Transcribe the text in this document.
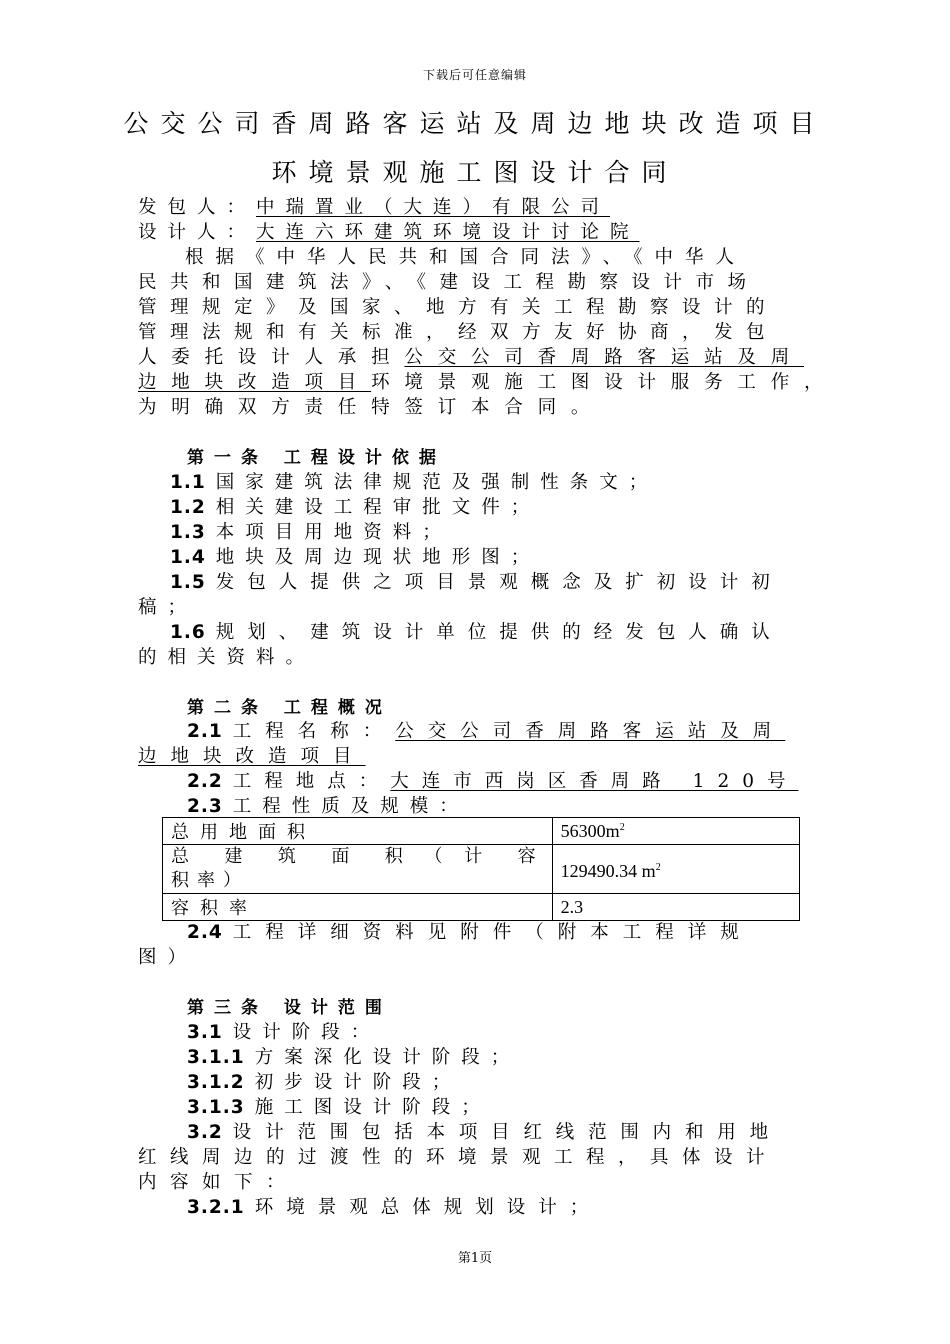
下载后可任意编辑
公交公司香周路客运站及周边地块改造项目
环境景观施工图设计合同
发包人：中瑞置业（大连）有限公司
设计人：大连六环建筑环境设计讨论院
根据《中华人民共和国合同法》、《中华人
民共和国建筑法》、《建设工程勘察设计市场
管理规定》及国家、地方有关工程勘察设计的
管理法规和有关标准，经双方友好协商，发包
人委托设计人承担公交公司香周路客运站及周
边地块改造项目环境景观施工图设计服务工作，
为明确双方责任特签订本合同。
第一条 工程设计依据
1.1 国家建筑法律规范及强制性条文；
1.2 相关建设工程审批文件；
1.3 本项目用地资料；
1.4 地块及周边现状地形图；
1.5 发包人提供之项目景观概念及扩初设计初
稿；
1.6 规划、建筑设计单位提供的经发包人确认
的相关资料。
第二条 工程概况
2.1 工程名称：公交公司香周路客运站及周
边地块改造项目
2.2 工程地点：大连市西岗区香周路 120号
2.3 工程性质及规模：
总用地面积	$56300m^2$

总  建  筑  面  积 （ 计  容
积率）	129490.34 $m^2$
容积率	2.3
2.4 工程详细资料见附件（附本工程详规
图）
第三条 设计范围
3.1 设计阶段：
3.1.1 方案深化设计阶段；
3.1.2 初步设计阶段；
3.1.3 施工图设计阶段；
3.2 设计范围包括本项目红线范围内和用地
红线周边的过渡性的环境景观工程，具体设计
内容如下：
3.2.1 环境景观总体规划设计；
第1页
